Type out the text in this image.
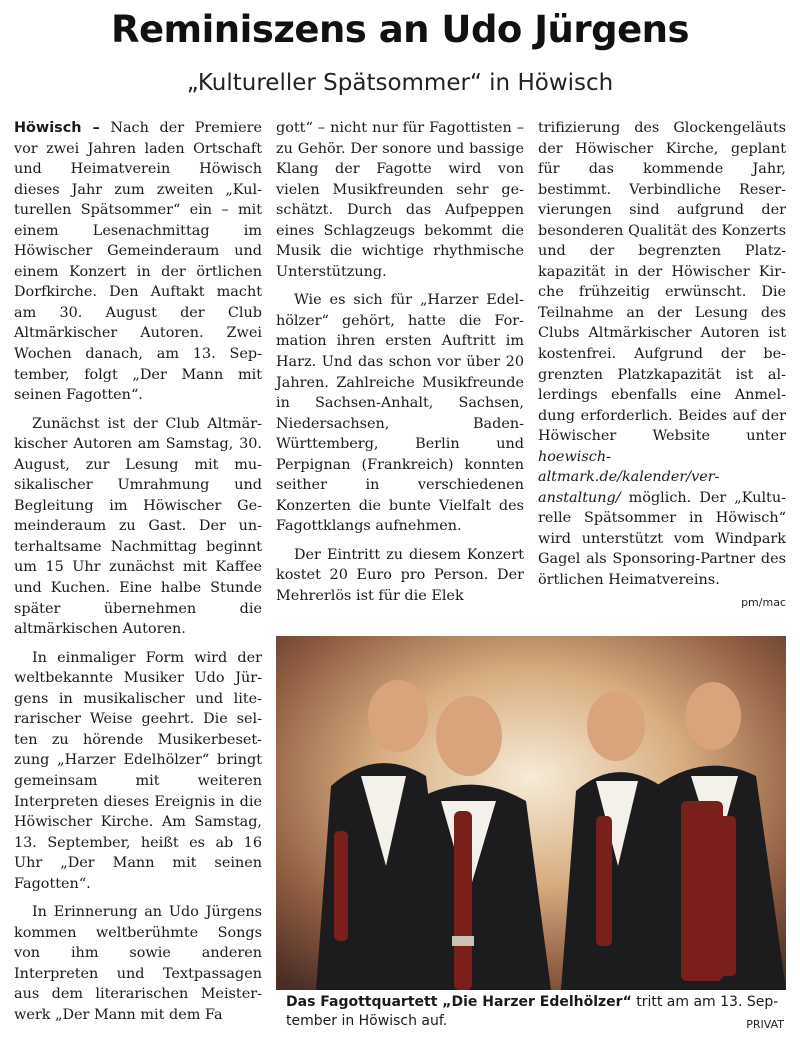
Reminiszens an Udo Jürgens
„Kultureller Spätsommer“ in Höwisch

Höwisch – Nach der Premiere vor zwei Jahren laden Ortschaft und Heimatverein Höwisch dieses Jahr zum zweiten „Kulturellen Spätsommer“ ein – mit einem Lesenachmittag im Höwischer Gemeinderaum und einem Konzert in der örtlichen Dorfkirche. Den Auftakt macht am 30. August der Club Altmärkischer Autoren. Zwei Wochen danach, am 13. September, folgt „Der Mann mit seinen Fagotten“.

Zunächst ist der Club Altmärkischer Autoren am Samstag, 30. August, zur Lesung mit musikalischer Umrahmung und Begleitung im Höwischer Gemeinderaum zu Gast. Der unterhaltsame Nachmittag beginnt um 15 Uhr zunächst mit Kaffee und Kuchen. Eine halbe Stunde später übernehmen die altmärkischen Autoren.

In einmaliger Form wird der weltbekannte Musiker Udo Jürgens in musikalischer und literarischer Weise geehrt. Die selten zu hörende Musikerbesetzung „Harzer Edelhölzer“ bringt gemeinsam mit weiteren Interpreten dieses Ereignis in die Höwischer Kirche. Am Samstag, 13. September, heißt es ab 16 Uhr „Der Mann mit seinen Fagotten“.

In Erinnerung an Udo Jürgens kommen weltberühmte Songs von ihm sowie anderen Interpreten und Textpassagen aus dem literarischen Meisterwerk „Der Mann mit dem Fa

gott“ – nicht nur für Fagottisten – zu Gehör. Der sonore und bassige Klang der Fagotte wird von vielen Musikfreunden sehr geschätzt. Durch das Aufpeppen eines Schlagzeugs bekommt die Musik die wichtige rhythmische Unterstützung.

Wie es sich für „Harzer Edelhölzer“ gehört, hatte die Formation ihren ersten Auftritt im Harz. Und das schon vor über 20 Jahren. Zahlreiche Musikfreunde in Sachsen-Anhalt, Sachsen, Niedersachsen, Baden-Württemberg, Berlin und Perpignan (Frankreich) konnten seither in verschiedenen Konzerten die bunte Vielfalt des Fagottklangs aufnehmen.

Der Eintritt zu diesem Konzert kostet 20 Euro pro Person. Der Mehrerlös ist für die Elek

trifizierung des Glockengeläuts der Höwischer Kirche, geplant für das kommende Jahr, bestimmt. Verbindliche Reservierungen sind aufgrund der besonderen Qualität des Konzerts und der begrenzten Platzkapazität in der Höwischer Kirche frühzeitig erwünscht. Die Teilnahme an der Lesung des Clubs Altmärkischer Autoren ist kostenfrei. Aufgrund der begrenzten Platzkapazität ist allerdings ebenfalls eine Anmeldung erforderlich. Beides auf der Höwischer Website unter hoewisch-altmark.de/kalender/veranstaltung/ möglich. Der „Kulturelle Spätsommer in Höwisch“ wird unterstützt vom Windpark Gagel als Sponsoring-Partner des örtlichen Heimatvereins.

pm/mac

Das Fagottquartett „Die Harzer Edelhölzer“ tritt am am 13. September in Höwisch auf.	PRIVAT
